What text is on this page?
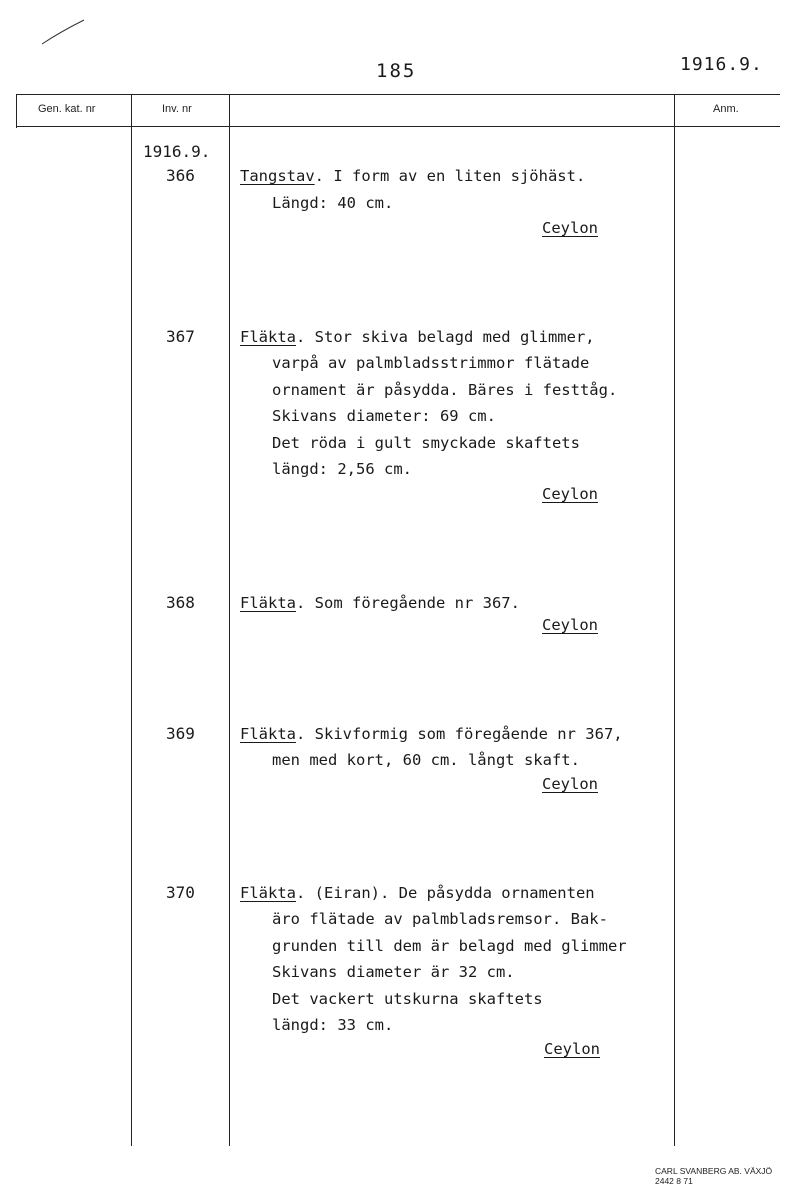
185	1916.9.
Gen. kat. nr	Inv. nr	Anm.
1916.9.
366	Tangstav. I form av en liten sjöhäst.
Längd: 40 cm.
Ceylon
367	Fläkta. Stor skiva belagd med glimmer,
varpå av palmbladsstrimmor flätade
ornament är påsydda. Bäres i festtåg.
Skivans diameter: 69 cm.
Det röda i gult smyckade skaftets
längd: 2,56 cm.
Ceylon
368	Fläkta. Som föregående nr 367.
Ceylon
369	Fläkta. Skivformig som föregående nr 367,
men med kort, 60 cm. långt skaft.
Ceylon
370	Fläkta. (Eiran). De påsydda ornamenten
äro flätade av palmbladsremsor. Bak-
grunden till dem är belagd med glimmer
Skivans diameter är 32 cm.
Det vackert utskurna skaftets
längd: 33 cm.
Ceylon
CARL SVANBERG AB. VÄXJÖ 2442 8 71
